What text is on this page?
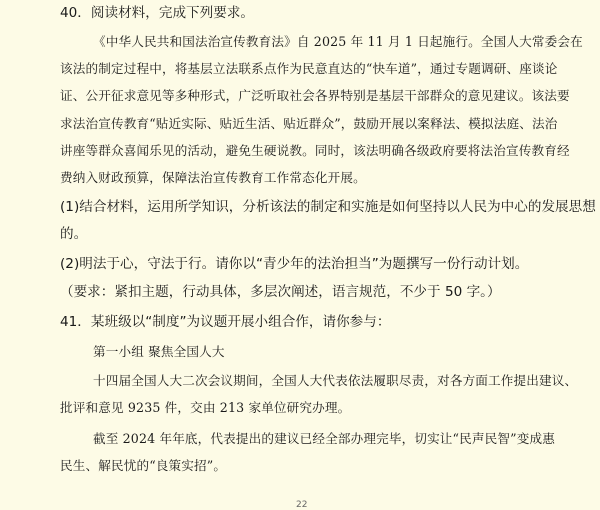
40．阅读材料，完成下列要求。
《中华人民共和国法治宣传教育法》自 2025 年 11 月 1 日起施行。全国人大常委会在
该法的制定过程中，将基层立法联系点作为民意直达的“快车道”，通过专题调研、座谈论
证、公开征求意见等多种形式，广泛听取社会各界特别是基层干部群众的意见建议。该法要
求法治宣传教育“贴近实际、贴近生活、贴近群众”，鼓励开展以案释法、模拟法庭、法治
讲座等群众喜闻乐见的活动，避免生硬说教。同时，该法明确各级政府要将法治宣传教育经
费纳入财政预算，保障法治宣传教育工作常态化开展。
(1)结合材料，运用所学知识，分析该法的制定和实施是如何坚持以人民为中心的发展思想
的。
(2)明法于心，守法于行。请你以“青少年的法治担当”为题撰写一份行动计划。
（要求：紧扣主题，行动具体，多层次阐述，语言规范，不少于 50 字。）
41．某班级以“制度”为议题开展小组合作，请你参与：
第一小组 聚焦全国人大
十四届全国人大二次会议期间，全国人大代表依法履职尽责，对各方面工作提出建议、
批评和意见 9235 件，交由 213 家单位研究办理。
截至 2024 年年底，代表提出的建议已经全部办理完毕，切实让“民声民智”变成惠
民生、解民忧的“良策实招”。
22
